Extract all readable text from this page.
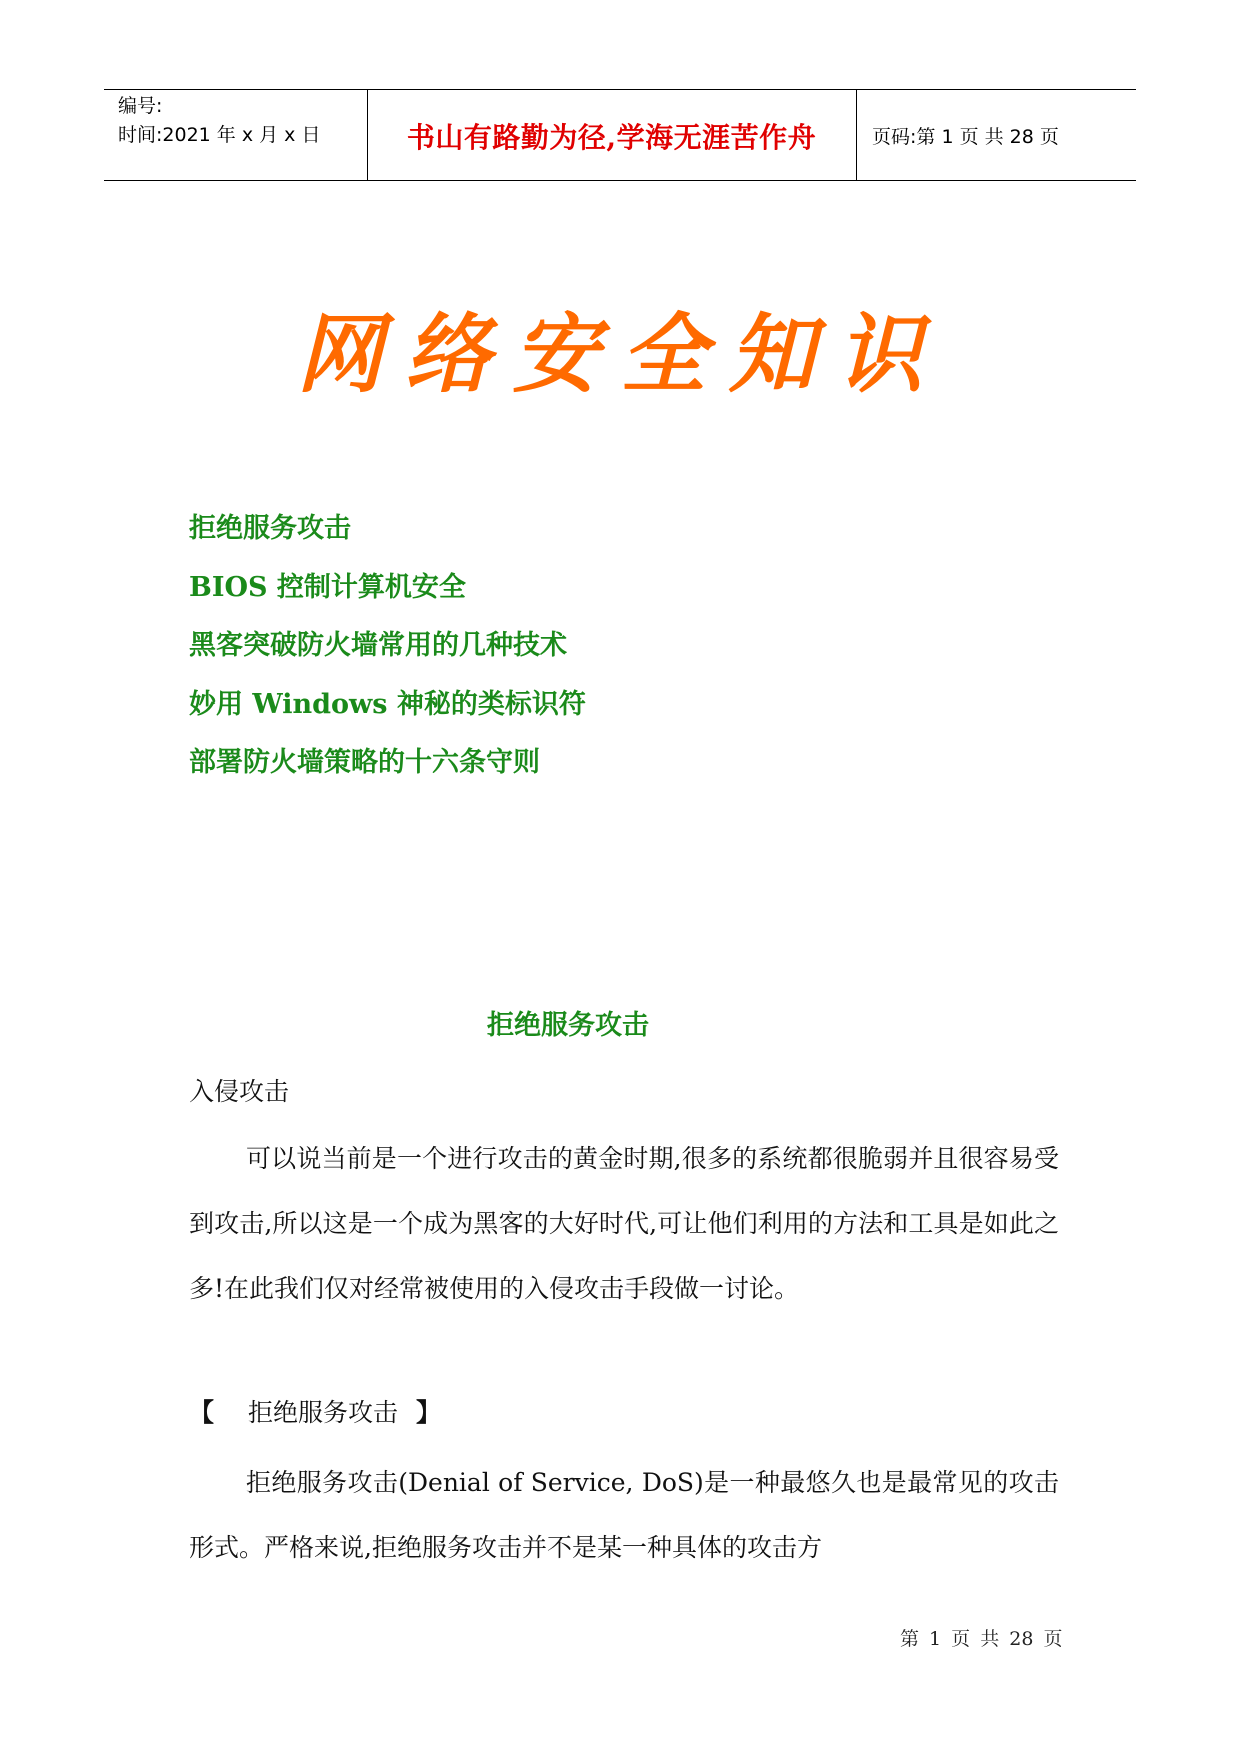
编号:
时间:2021 年 x 月 x 日	书山有路勤为径,学海无涯苦作舟	页码:第 1 页 共 28 页
网络安全知识
拒绝服务攻击
BIOS 控制计算机安全
黑客突破防火墙常用的几种技术
妙用 Windows 神秘的类标识符
部署防火墙策略的十六条守则
拒绝服务攻击
入侵攻击
可以说当前是一个进行攻击的黄金时期,很多的系统都很脆弱并且很容易受到攻击,所以这是一个成为黑客的大好时代,可让他们利用的方法和工具是如此之多!在此我们仅对经常被使用的入侵攻击手段做一讨论。
【 拒绝服务攻击 】
拒绝服务攻击(Denial of Service, DoS)是一种最悠久也是最常见的攻击形式。严格来说,拒绝服务攻击并不是某一种具体的攻击方
第 1 页 共 28 页
